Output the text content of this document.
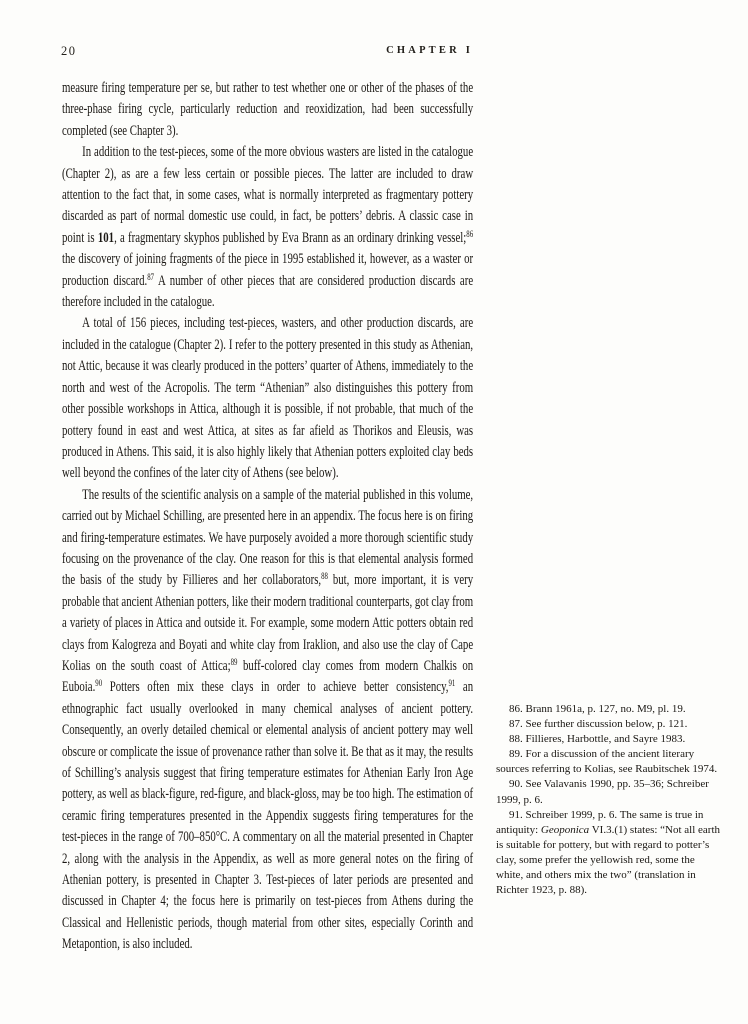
20	CHAPTER I

measure firing temperature per se, but rather to test whether one or other of the phases of the three-phase firing cycle, particularly reduction and reoxidization, had been successfully completed (see Chapter 3).

In addition to the test-pieces, some of the more obvious wasters are listed in the catalogue (Chapter 2), as are a few less certain or possible pieces. The latter are included to draw attention to the fact that, in some cases, what is normally interpreted as fragmentary pottery discarded as part of normal domestic use could, in fact, be potters’ debris. A classic case in point is 101, a fragmentary skyphos published by Eva Brann as an ordinary drinking vessel;$^{86}$ the discovery of joining fragments of the piece in 1995 established it, however, as a waster or production discard.$^{87}$ A number of other pieces that are considered production discards are therefore included in the catalogue.

A total of 156 pieces, including test-pieces, wasters, and other production discards, are included in the catalogue (Chapter 2). I refer to the pottery presented in this study as Athenian, not Attic, because it was clearly produced in the potters’ quarter of Athens, immediately to the north and west of the Acropolis. The term “Athenian” also distinguishes this pottery from other possible workshops in Attica, although it is possible, if not probable, that much of the pottery found in east and west Attica, at sites as far afield as Thorikos and Eleusis, was produced in Athens. This said, it is also highly likely that Athenian potters exploited clay beds well beyond the confines of the later city of Athens (see below).

The results of the scientific analysis on a sample of the material published in this volume, carried out by Michael Schilling, are presented here in an appendix. The focus here is on firing and firing-temperature estimates. We have purposely avoided a more thorough scientific study focusing on the provenance of the clay. One reason for this is that elemental analysis formed the basis of the study by Fillieres and her collaborators,$^{88}$ but, more important, it is very probable that ancient Athenian potters, like their modern traditional counterparts, got clay from a variety of places in Attica and outside it. For example, some modern Attic potters obtain red clays from Kalogreza and Boyati and white clay from Iraklion, and also use the clay of Cape Kolias on the south coast of Attica;$^{89}$ buff-colored clay comes from modern Chalkis on Euboia.$^{90}$ Potters often mix these clays in order to achieve better consistency,$^{91}$ an ethnographic fact usually overlooked in many chemical analyses of ancient pottery. Consequently, an overly detailed chemical or elemental analysis of ancient pottery may well obscure or complicate the issue of provenance rather than solve it. Be that as it may, the results of Schilling’s analysis suggest that firing temperature estimates for Athenian Early Iron Age pottery, as well as black-figure, red-figure, and black-gloss, may be too high. The estimation of ceramic firing temperatures presented in the Appendix suggests firing temperatures for the test-pieces in the range of 700–850°C. A commentary on all the material presented in Chapter 2, along with the analysis in the Appendix, as well as more general notes on the firing of Athenian pottery, is presented in Chapter 3. Test-pieces of later periods are presented and discussed in Chapter 4; the focus here is primarily on test-pieces from Athens during the Classical and Hellenistic periods, though material from other sites, especially Corinth and Metapontion, is also included.

86. Brann 1961a, p. 127, no. M9, pl. 19.

87. See further discussion below, p. 121.

88. Fillieres, Harbottle, and Sayre 1983.

89. For a discussion of the ancient literary sources referring to Kolias, see Raubitschek 1974.

90. See Valavanis 1990, pp. 35–36; Schreiber 1999, p. 6.

91. Schreiber 1999, p. 6. The same is true in antiquity: Geoponica VI.3.(1) states: “Not all earth is suitable for pottery, but with regard to potter’s clay, some prefer the yellowish red, some the white, and others mix the two” (translation in Richter 1923, p. 88).
